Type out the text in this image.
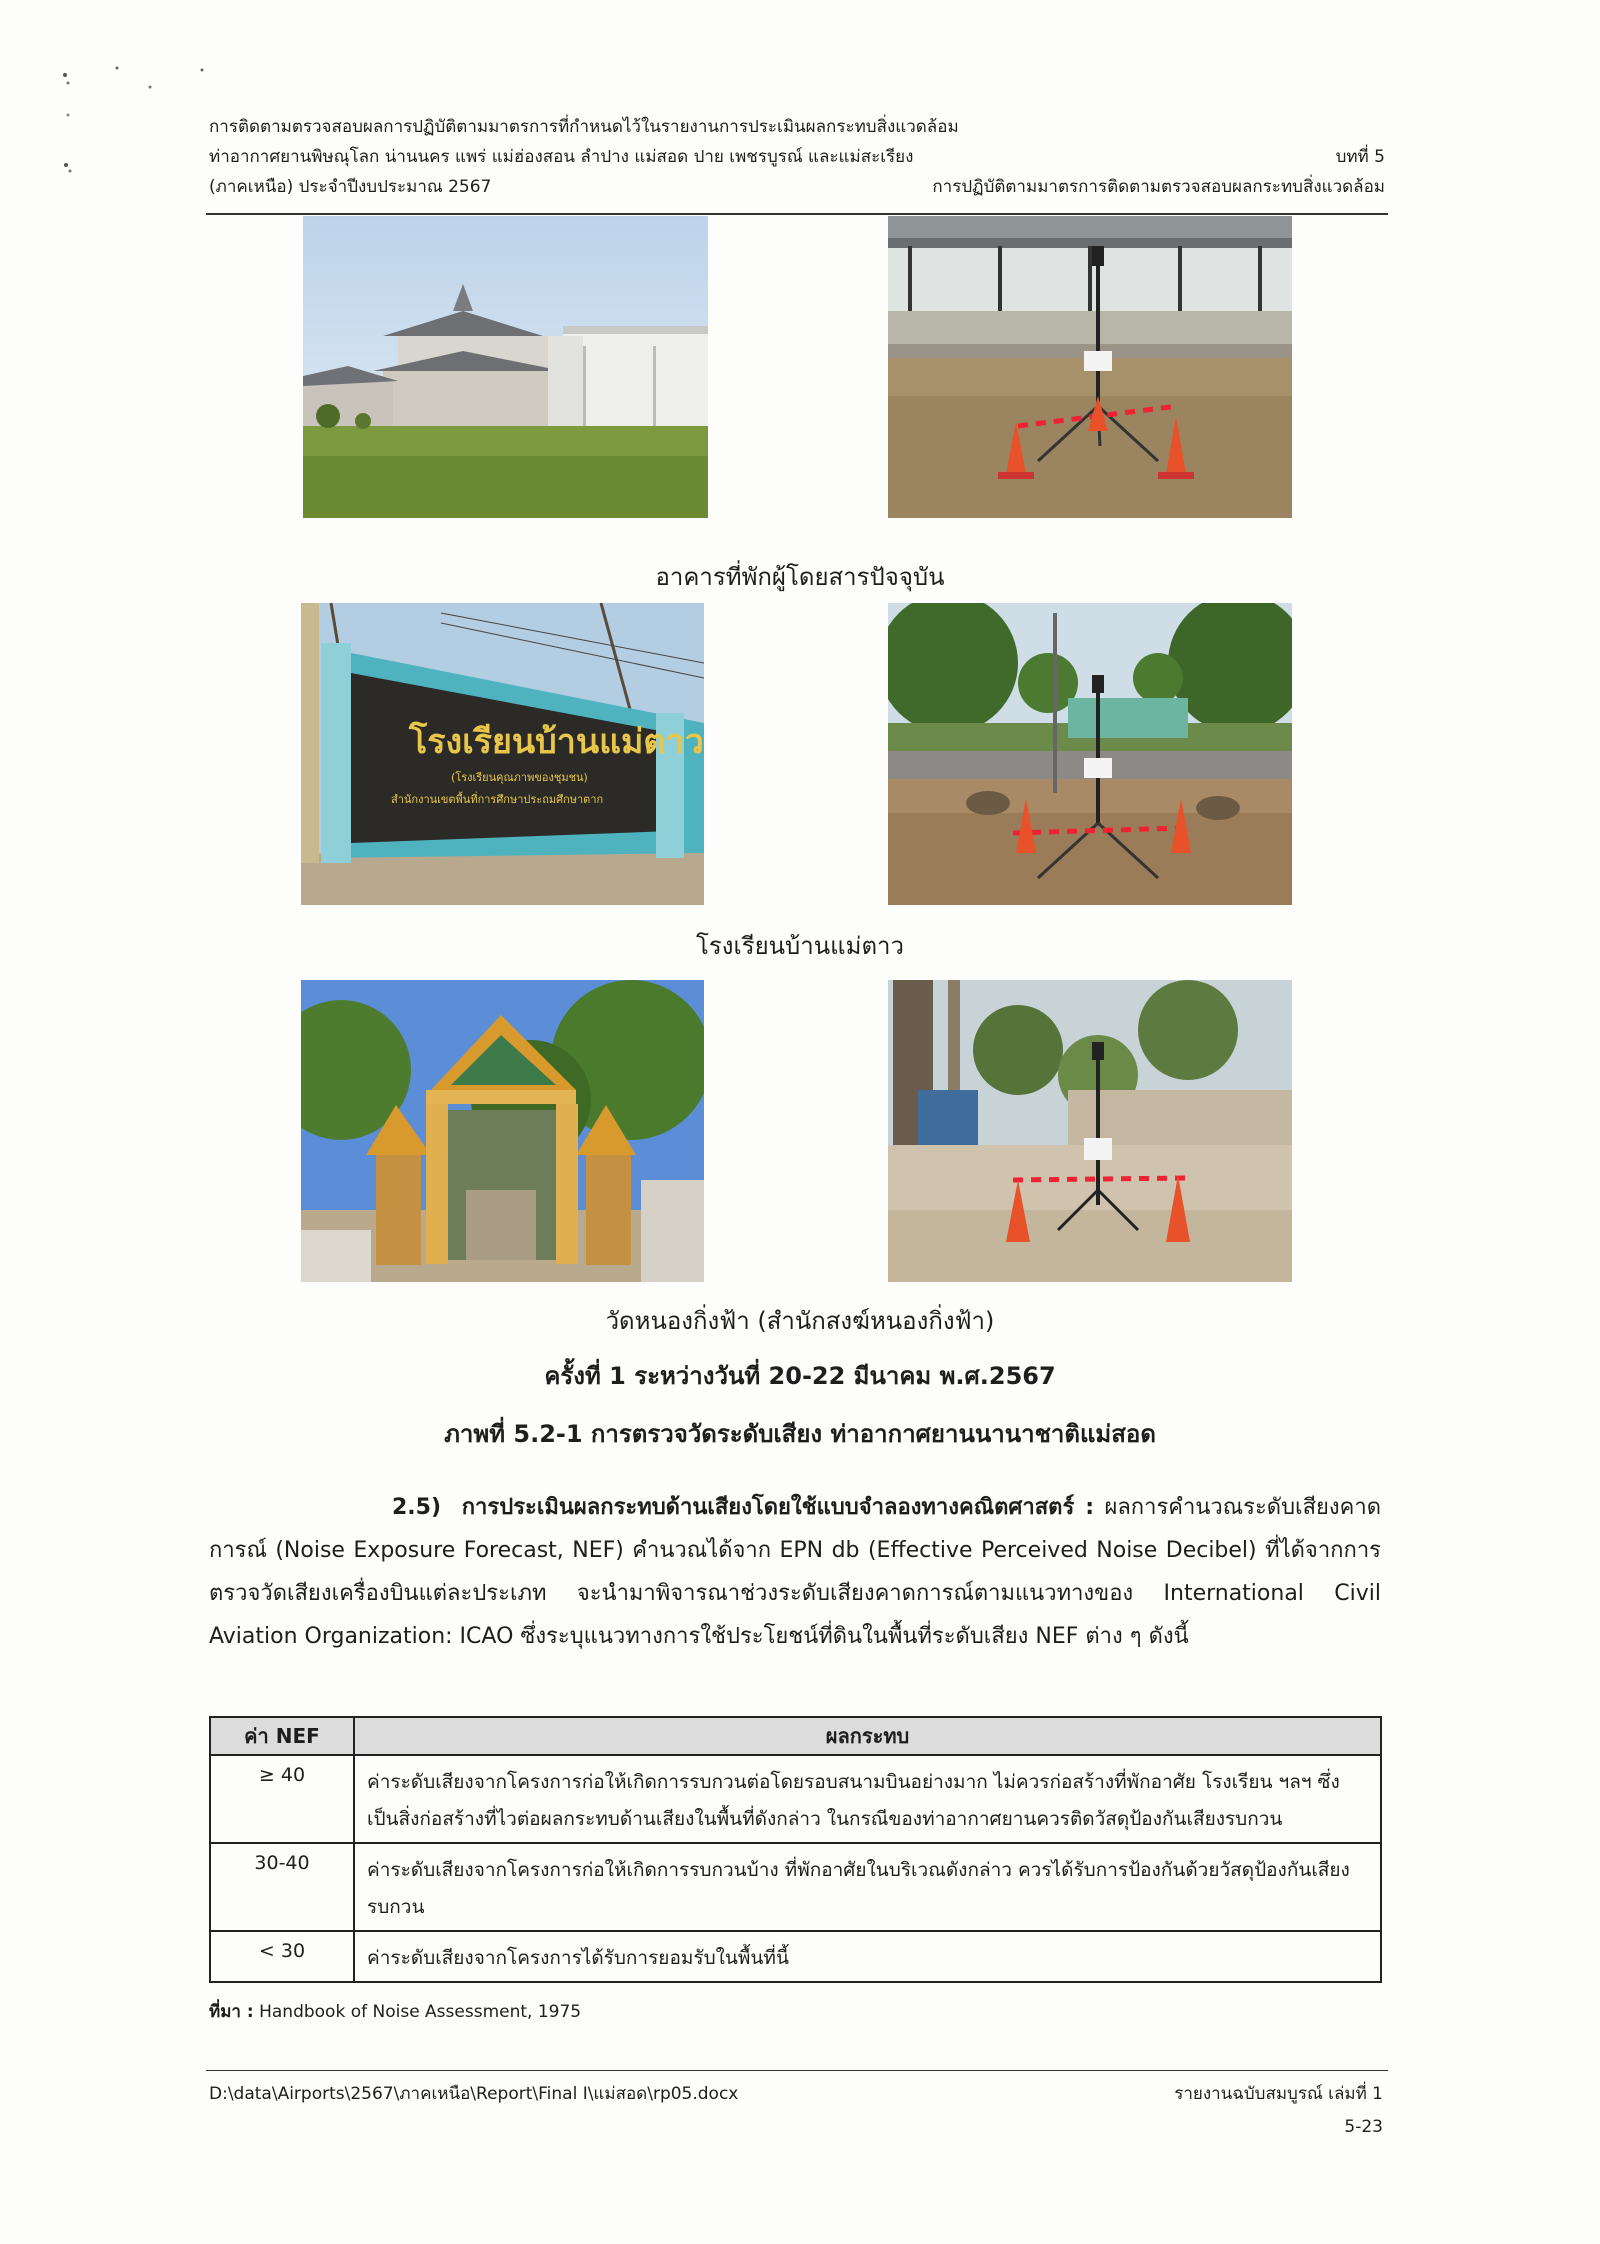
การติดตามตรวจสอบผลการปฏิบัติตามมาตรการที่กำหนดไว้ในรายงานการประเมินผลกระทบสิ่งแวดล้อม
ท่าอากาศยานพิษณุโลก น่านนคร แพร่ แม่ฮ่องสอน ลำปาง แม่สอด ปาย เพชรบูรณ์ และแม่สะเรียง	บทที่ 5
(ภาคเหนือ) ประจำปีงบประมาณ 2567	การปฏิบัติตามมาตรการติดตามตรวจสอบผลกระทบสิ่งแวดล้อม
อาคารที่พักผู้โดยสารปัจจุบัน
โรงเรียนบ้านแม่ตาว
(โรงเรียนคุณภาพของชุมชน)
สำนักงานเขตพื้นที่การศึกษาประถมศึกษาตาก
โรงเรียนบ้านแม่ตาว
วัดหนองกิ่งฟ้า (สำนักสงฆ์หนองกิ่งฟ้า)
ครั้งที่ 1 ระหว่างวันที่ 20-22 มีนาคม พ.ศ.2567
ภาพที่ 5.2-1 การตรวจวัดระดับเสียง ท่าอากาศยานนานาชาติแม่สอด
2.5) การประเมินผลกระทบด้านเสียงโดยใช้แบบจำลองทางคณิตศาสตร์ : ผลการคำนวณระดับเสียงคาดการณ์ (Noise Exposure Forecast, NEF) คำนวณได้จาก EPN db (Effective Perceived Noise Decibel) ที่ได้จากการตรวจวัดเสียงเครื่องบินแต่ละประเภท จะนำมาพิจารณาช่วงระดับเสียงคาดการณ์ตามแนวทางของ International Civil Aviation Organization: ICAO ซึ่งระบุแนวทางการใช้ประโยชน์ที่ดินในพื้นที่ระดับเสียง NEF ต่าง ๆ ดังนี้
ค่า NEF	ผลกระทบ
≥ 40	ค่าระดับเสียงจากโครงการก่อให้เกิดการรบกวนต่อโดยรอบสนามบินอย่างมาก ไม่ควรก่อสร้างที่พักอาศัย โรงเรียน ฯลฯ ซึ่งเป็นสิ่งก่อสร้างที่ไวต่อผลกระทบด้านเสียงในพื้นที่ดังกล่าว ในกรณีของท่าอากาศยานควรติดวัสดุป้องกันเสียงรบกวน
30-40	ค่าระดับเสียงจากโครงการก่อให้เกิดการรบกวนบ้าง ที่พักอาศัยในบริเวณดังกล่าว ควรได้รับการป้องกันด้วยวัสดุป้องกันเสียงรบกวน
< 30	ค่าระดับเสียงจากโครงการได้รับการยอมรับในพื้นที่นี้
ที่มา : Handbook of Noise Assessment, 1975
D:\data\Airports\2567\ภาคเหนือ\Report\Final I\แม่สอด\rp05.docx	รายงานฉบับสมบูรณ์ เล่มที่ 1
5-23
